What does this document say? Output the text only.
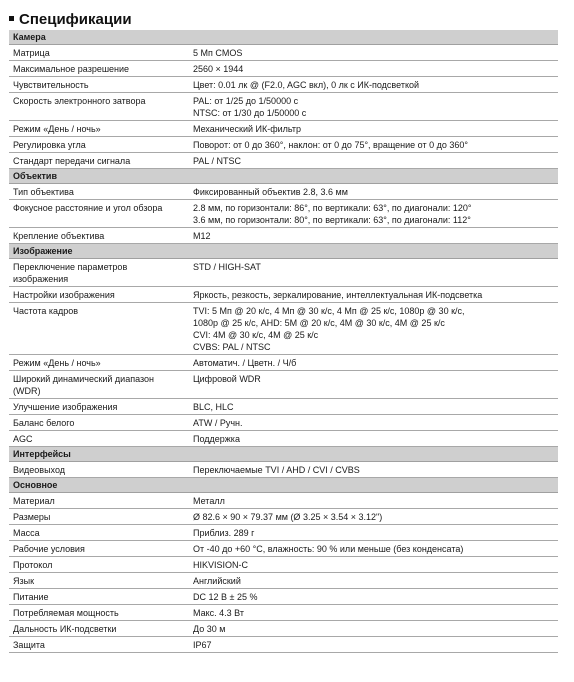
Спецификации
Камера	
Матрица	5 Мп CMOS

Максимальное разрешение	2560 × 1944

Чувствительность	Цвет: 0.01 лк @ (F2.0, AGC вкл), 0 лк с ИК-подсветкой

Скорость электронного затвора	PAL: от 1/25 до 1/50000 с
NTSC: от 1/30 до 1/50000 с

Режим «День / ночь»	Механический ИК-фильтр

Регулировка угла	Поворот: от 0 до 360°, наклон: от 0 до 75°, вращение от 0 до 360°

Стандарт передачи сигнала	PAL / NTSC

Объектив	
Тип объектива	Фиксированный объектив 2.8, 3.6 мм

Фокусное расстояние и угол обзора	2.8 мм, по горизонтали: 86°, по вертикали: 63°, по диагонали: 120°
3.6 мм, по горизонтали: 80°, по вертикали: 63°, по диагонали: 112°

Крепление объектива	M12

Изображение	

Переключение параметров
изображения	STD / HIGH-SAT

Настройки изображения	Яркость, резкость, зеркалирование, интеллектуальная ИК-подсветка

Частота кадров	TVI: 5 Мп @ 20 к/с, 4 Мп @ 30 к/с, 4 Мп @ 25 к/с, 1080p @ 30 к/с,
1080p @ 25 к/с, AHD: 5М @ 20 к/с, 4М @ 30 к/с, 4М @ 25 к/с
CVI: 4М @ 30 к/с, 4М @ 25 к/с
CVBS: PAL / NTSC

Режим «День / ночь»	Автоматич. / Цветн. / Ч/б

Широкий динамический диапазон
(WDR)	Цифровой WDR

Улучшение изображения	BLC, HLC

Баланс белого	ATW / Ручн.

AGC	Поддержка

Интерфейсы	
Видеовыход	Переключаемые TVI / AHD / CVI / CVBS

Основное	
Материал	Металл

Размеры	Ø 82.6 × 90 × 79.37 мм (Ø 3.25 × 3.54 × 3.12")

Масса	Приблиз. 289 г

Рабочие условия	От -40 до +60 °С, влажность: 90 % или меньше (без конденсата)

Протокол	HIKVISION-C

Язык	Английский

Питание	DC 12 В ± 25 %

Потребляемая мощность	Макс. 4.3 Вт

Дальность ИК-подсветки	До 30 м

Защита	IP67
